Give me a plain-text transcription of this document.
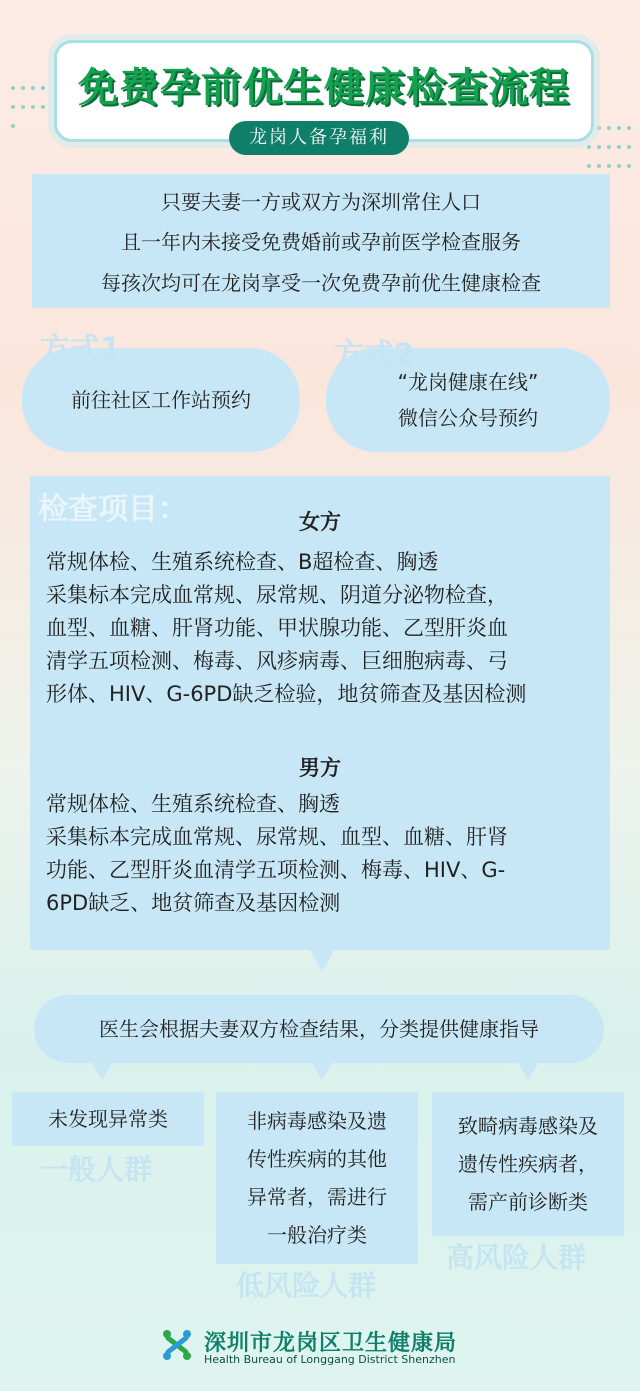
免费孕前优生健康检查流程
龙岗人备孕福利
只要夫妻一方或双方为深圳常住人口
且一年内未接受免费婚前或孕前医学检查服务
每孩次均可在龙岗享受一次免费孕前优生健康检查
前往社区工作站预约
方式1
“龙岗健康在线”
微信公众号预约
方式2
检查项目：	女方
常规体检、生殖系统检查、B超检查、胸透
采集标本完成血常规、尿常规、阴道分泌物检查，
血型、血糖、肝肾功能、甲状腺功能、乙型肝炎血
清学五项检测、梅毒、风疹病毒、巨细胞病毒、弓
形体、HIV、G-6PD缺乏检验，地贫筛查及基因检测
男方
常规体检、生殖系统检查、胸透
采集标本完成血常规、尿常规、血型、血糖、肝肾
功能、乙型肝炎血清学五项检测、梅毒、HIV、G-
6PD缺乏、地贫筛查及基因检测
医生会根据夫妻双方检查结果，分类提供健康指导
未发现异常类
一般人群
非病毒感染及遗
传性疾病的其他
异常者，需进行
一般治疗类
低风险人群
致畸病毒感染及
遗传性疾病者，
需产前诊断类
高风险人群
深圳市龙岗区卫生健康局
Health Bureau of Longgang District Shenzhen
